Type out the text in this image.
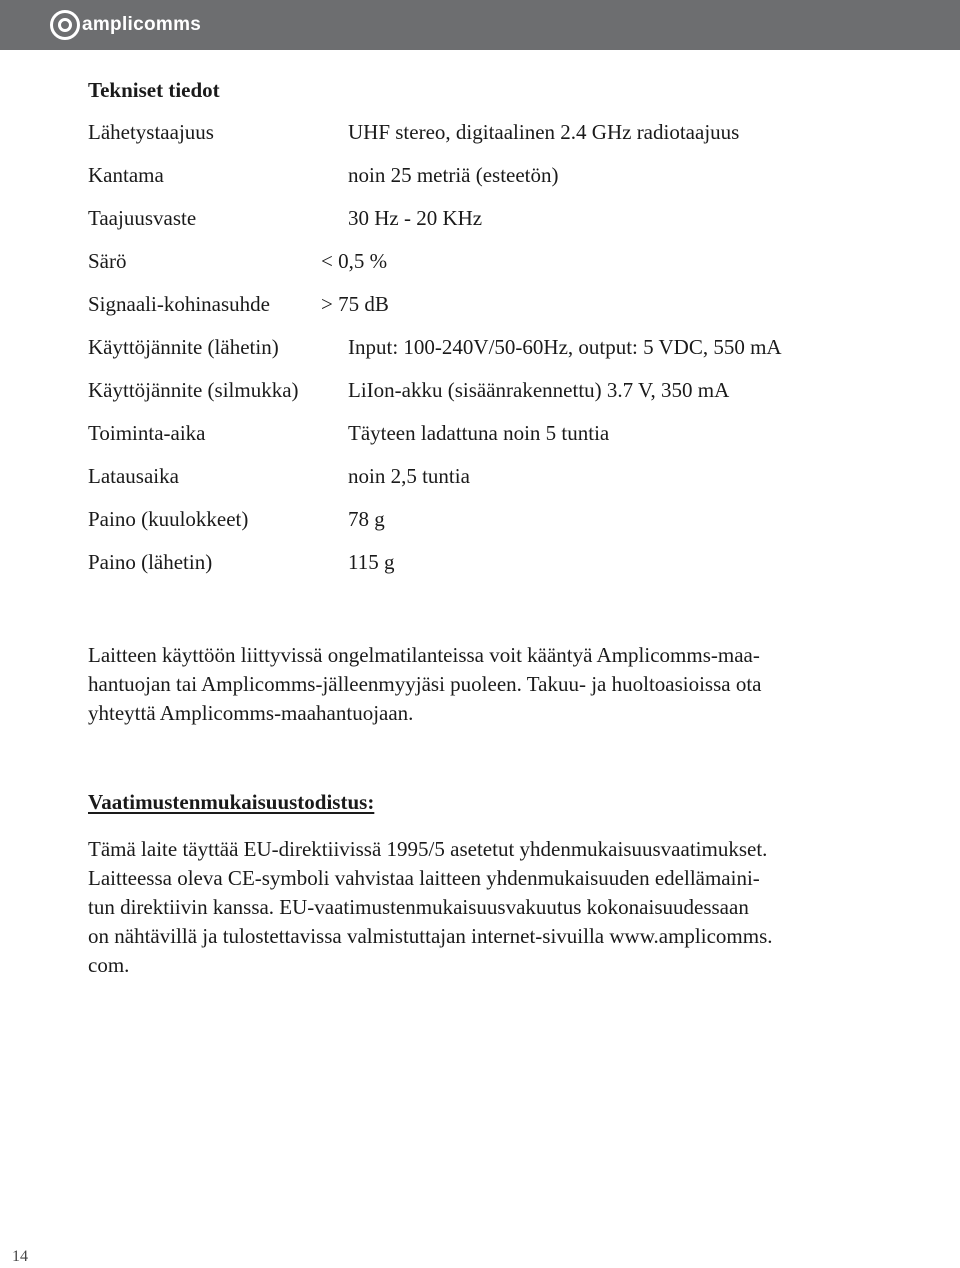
amplicomms
Tekniset tiedot
Lähetystaajuus	UHF stereo, digitaalinen 2.4 GHz radiotaajuus
Kantama	noin 25 metriä (esteetön)
Taajuusvaste	30 Hz - 20 KHz
Särö	< 0,5 %
Signaali-kohinasuhde	> 75 dB
Käyttöjännite (lähetin)	Input: 100-240V/50-60Hz, output: 5 VDC, 550 mA
Käyttöjännite (silmukka)	LiIon-akku (sisäänrakennettu) 3.7 V, 350 mA
Toiminta-aika	Täyteen ladattuna noin 5 tuntia
Latausaika	noin 2,5 tuntia
Paino (kuulokkeet)	78 g
Paino (lähetin)	115 g

Laitteen käyttöön liittyvissä ongelmatilanteissa voit kääntyä Amplicomms-maa-

hantuojan tai Amplicomms-jälleenmyyjäsi puoleen. Takuu- ja huoltoasioissa ota

yhteyttä Amplicomms-maahantuojaan.

Vaatimustenmukaisuustodistus:

Tämä laite täyttää EU-direktiivissä 1995/5 asetetut yhdenmukaisuusvaatimukset.

Laitteessa oleva CE-symboli vahvistaa laitteen yhdenmukaisuuden edellämaini-

tun direktiivin kanssa. EU-vaatimustenmukaisuusvakuutus kokonaisuudessaan

on nähtävillä ja tulostettavissa valmistuttajan internet-sivuilla www.amplicomms.

com.

14
